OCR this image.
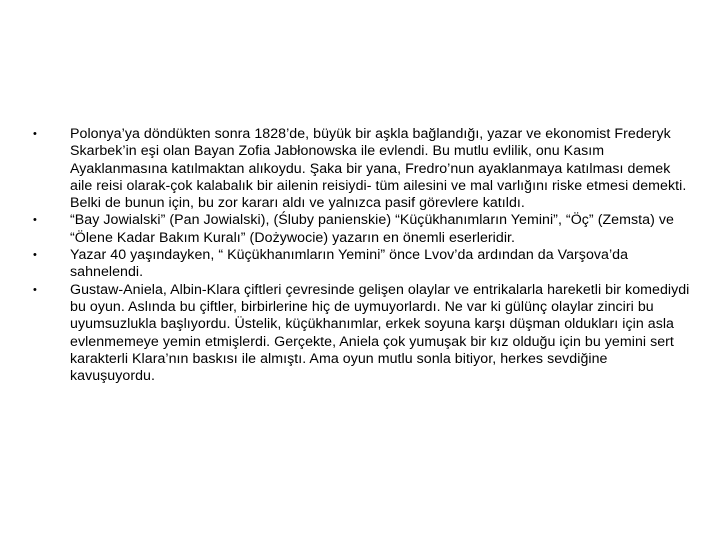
• Polonya’ya döndükten sonra 1828’de, büyük bir aşkla bağlandığı, yazar ve ekonomist Frederyk Skarbek’in eşi olan Bayan Zofia Jabłonowska ile evlendi. Bu mutlu evlilik, onu Kasım Ayaklanmasına katılmaktan alıkoydu. Şaka bir yana, Fredro’nun ayaklanmaya katılması demek aile reisi olarak-çok kalabalık bir ailenin reisiydi- tüm ailesini ve mal varlığını riske etmesi demekti. Belki de bunun için, bu zor kararı aldı ve yalnızca pasif görevlere katıldı.
• “Bay Jowialski” (Pan Jowialski), (Śluby panienskie) “Küçükhanımların Yemini”, “Öç” (Zemsta) ve “Ölene Kadar Bakım Kuralı” (Dożywocie) yazarın en önemli eserleridir.
• Yazar 40 yaşındayken, “ Küçükhanımların Yemini” önce Lvov’da ardından da Varşova’da sahnelendi.
• Gustaw-Aniela, Albin-Klara çiftleri çevresinde gelişen olaylar ve entrikalarla hareketli bir komediydi bu oyun. Aslında bu çiftler, birbirlerine hiç de uymuyorlardı. Ne var ki gülünç olaylar zinciri bu uyumsuzlukla başlıyordu. Üstelik, küçükhanımlar, erkek soyuna karşı düşman oldukları için asla evlenmemeye yemin etmişlerdi. Gerçekte, Aniela çok yumuşak bir kız olduğu için bu yemini sert karakterli Klara’nın baskısı ile almıştı. Ama oyun mutlu sonla bitiyor, herkes sevdiğine kavuşuyordu.
